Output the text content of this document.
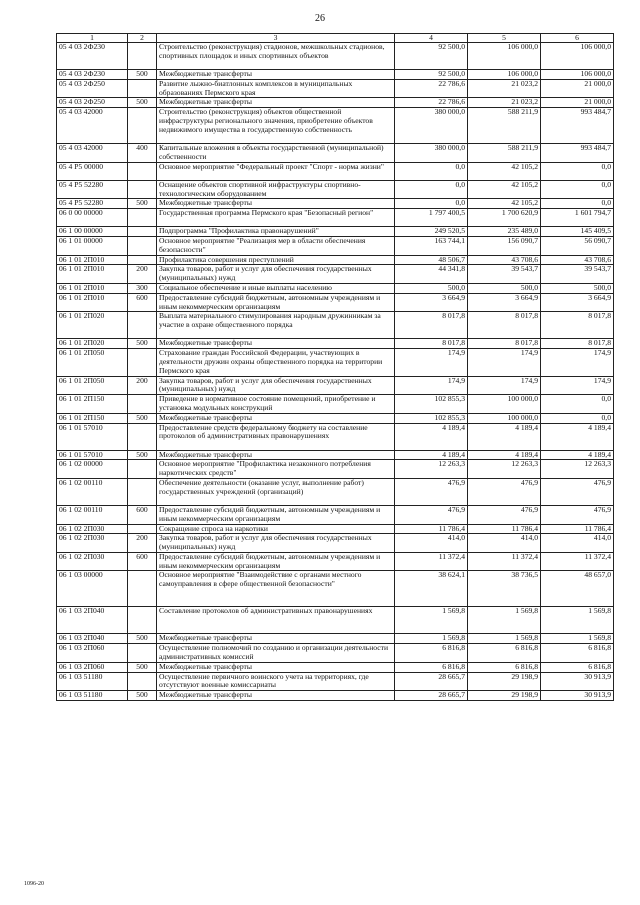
26
1	2	3	4	5	6
05 4 03 2Ф230		Строительство (реконструкция) стадионов, межшкольных стадионов, спортивных площадок и иных спортивных объектов	92 500,0	106 000,0	106 000,0
05 4 03 2Ф230	500	Межбюджетные трансферты	92 500,0	106 000,0	106 000,0
05 4 03 2Ф250		Развитие лыжно-биатлонных комплексов в муниципальных образованиях Пермского края	22 786,6	21 023,2	21 000,0
05 4 03 2Ф250	500	Межбюджетные трансферты	22 786,6	21 023,2	21 000,0
05 4 03 42000		Строительство (реконструкция) объектов общественной инфраструктуры регионального значения, приобретение объектов недвижимого имущества в государственную собственность	380 000,0	588 211,9	993 484,7
05 4 03 42000	400	Капитальные вложения в объекты государственной (муниципальной) собственности	380 000,0	588 211,9	993 484,7
05 4 P5 00000		Основное мероприятие "Федеральный проект "Спорт - норма жизни"	0,0	42 105,2	0,0
05 4 P5 52280		Оснащение объектов спортивной инфраструктуры спортивно-технологическим оборудованием	0,0	42 105,2	0,0
05 4 P5 52280	500	Межбюджетные трансферты	0,0	42 105,2	0,0
06 0 00 00000		Государственная программа Пермского края "Безопасный регион"	1 797 400,5	1 700 620,9	1 601 794,7
06 1 00 00000		Подпрограмма "Профилактика правонарушений"	249 520,5	235 489,0	145 409,5
06 1 01 00000		Основное мероприятие "Реализация мер в области обеспечения безопасности"	163 744,1	156 090,7	56 090,7
06 1 01 2П010		Профилактика совершения преступлений	48 506,7	43 708,6	43 708,6
06 1 01 2П010	200	Закупка товаров, работ и услуг для обеспечения государственных (муниципальных) нужд	44 341,8	39 543,7	39 543,7
06 1 01 2П010	300	Социальное обеспечение и иные выплаты населению	500,0	500,0	500,0
06 1 01 2П010	600	Предоставление субсидий бюджетным, автономным учреждениям и иным некоммерческим организациям	3 664,9	3 664,9	3 664,9
06 1 01 2П020		Выплата материального стимулирования народным дружинникам за участие в охране общественного порядка	8 017,8	8 017,8	8 017,8
06 1 01 2П020	500	Межбюджетные трансферты	8 017,8	8 017,8	8 017,8
06 1 01 2П050		Страхование граждан Российской Федерации, участвующих в деятельности дружин охраны общественного порядка на территории Пермского края	174,9	174,9	174,9
06 1 01 2П050	200	Закупка товаров, работ и услуг для обеспечения государственных (муниципальных) нужд	174,9	174,9	174,9
06 1 01 2П150		Приведение в нормативное состояние помещений, приобретение и установка модульных конструкций	102 855,3	100 000,0	0,0
06 1 01 2П150	500	Межбюджетные трансферты	102 855,3	100 000,0	0,0
06 1 01 57010		Предоставление средств федеральному бюджету на составление протоколов об административных правонарушениях	4 189,4	4 189,4	4 189,4
06 1 01 57010	500	Межбюджетные трансферты	4 189,4	4 189,4	4 189,4
06 1 02 00000		Основное мероприятие "Профилактика незаконного потребления наркотических средств"	12 263,3	12 263,3	12 263,3
06 1 02 00110		Обеспечение деятельности (оказание услуг, выполнение работ) государственных учреждений (организаций)	476,9	476,9	476,9
06 1 02 00110	600	Предоставление субсидий бюджетным, автономным учреждениям и иным некоммерческим организациям	476,9	476,9	476,9
06 1 02 2П030		Сокращение спроса на наркотики	11 786,4	11 786,4	11 786,4
06 1 02 2П030	200	Закупка товаров, работ и услуг для обеспечения государственных (муниципальных) нужд	414,0	414,0	414,0
06 1 02 2П030	600	Предоставление субсидий бюджетным, автономным учреждениям и иным некоммерческим организациям	11 372,4	11 372,4	11 372,4
06 1 03 00000		Основное мероприятие "Взаимодействие с органами местного самоуправления в сфере общественной безопасности"	38 624,1	38 736,5	48 657,0
06 1 03 2П040		Составление протоколов об административных правонарушениях	1 569,8	1 569,8	1 569,8
06 1 03 2П040	500	Межбюджетные трансферты	1 569,8	1 569,8	1 569,8
06 1 03 2П060		Осуществление полномочий по созданию и организации деятельности административных комиссий	6 816,8	6 816,8	6 816,8
06 1 03 2П060	500	Межбюджетные трансферты	6 816,8	6 816,8	6 816,8
06 1 03 51180		Осуществление первичного воинского учета на территориях, где отсутствуют военные комиссариаты	28 665,7	29 198,9	30 913,9
06 1 03 51180	500	Межбюджетные трансферты	28 665,7	29 198,9	30 913,9
1096-20
